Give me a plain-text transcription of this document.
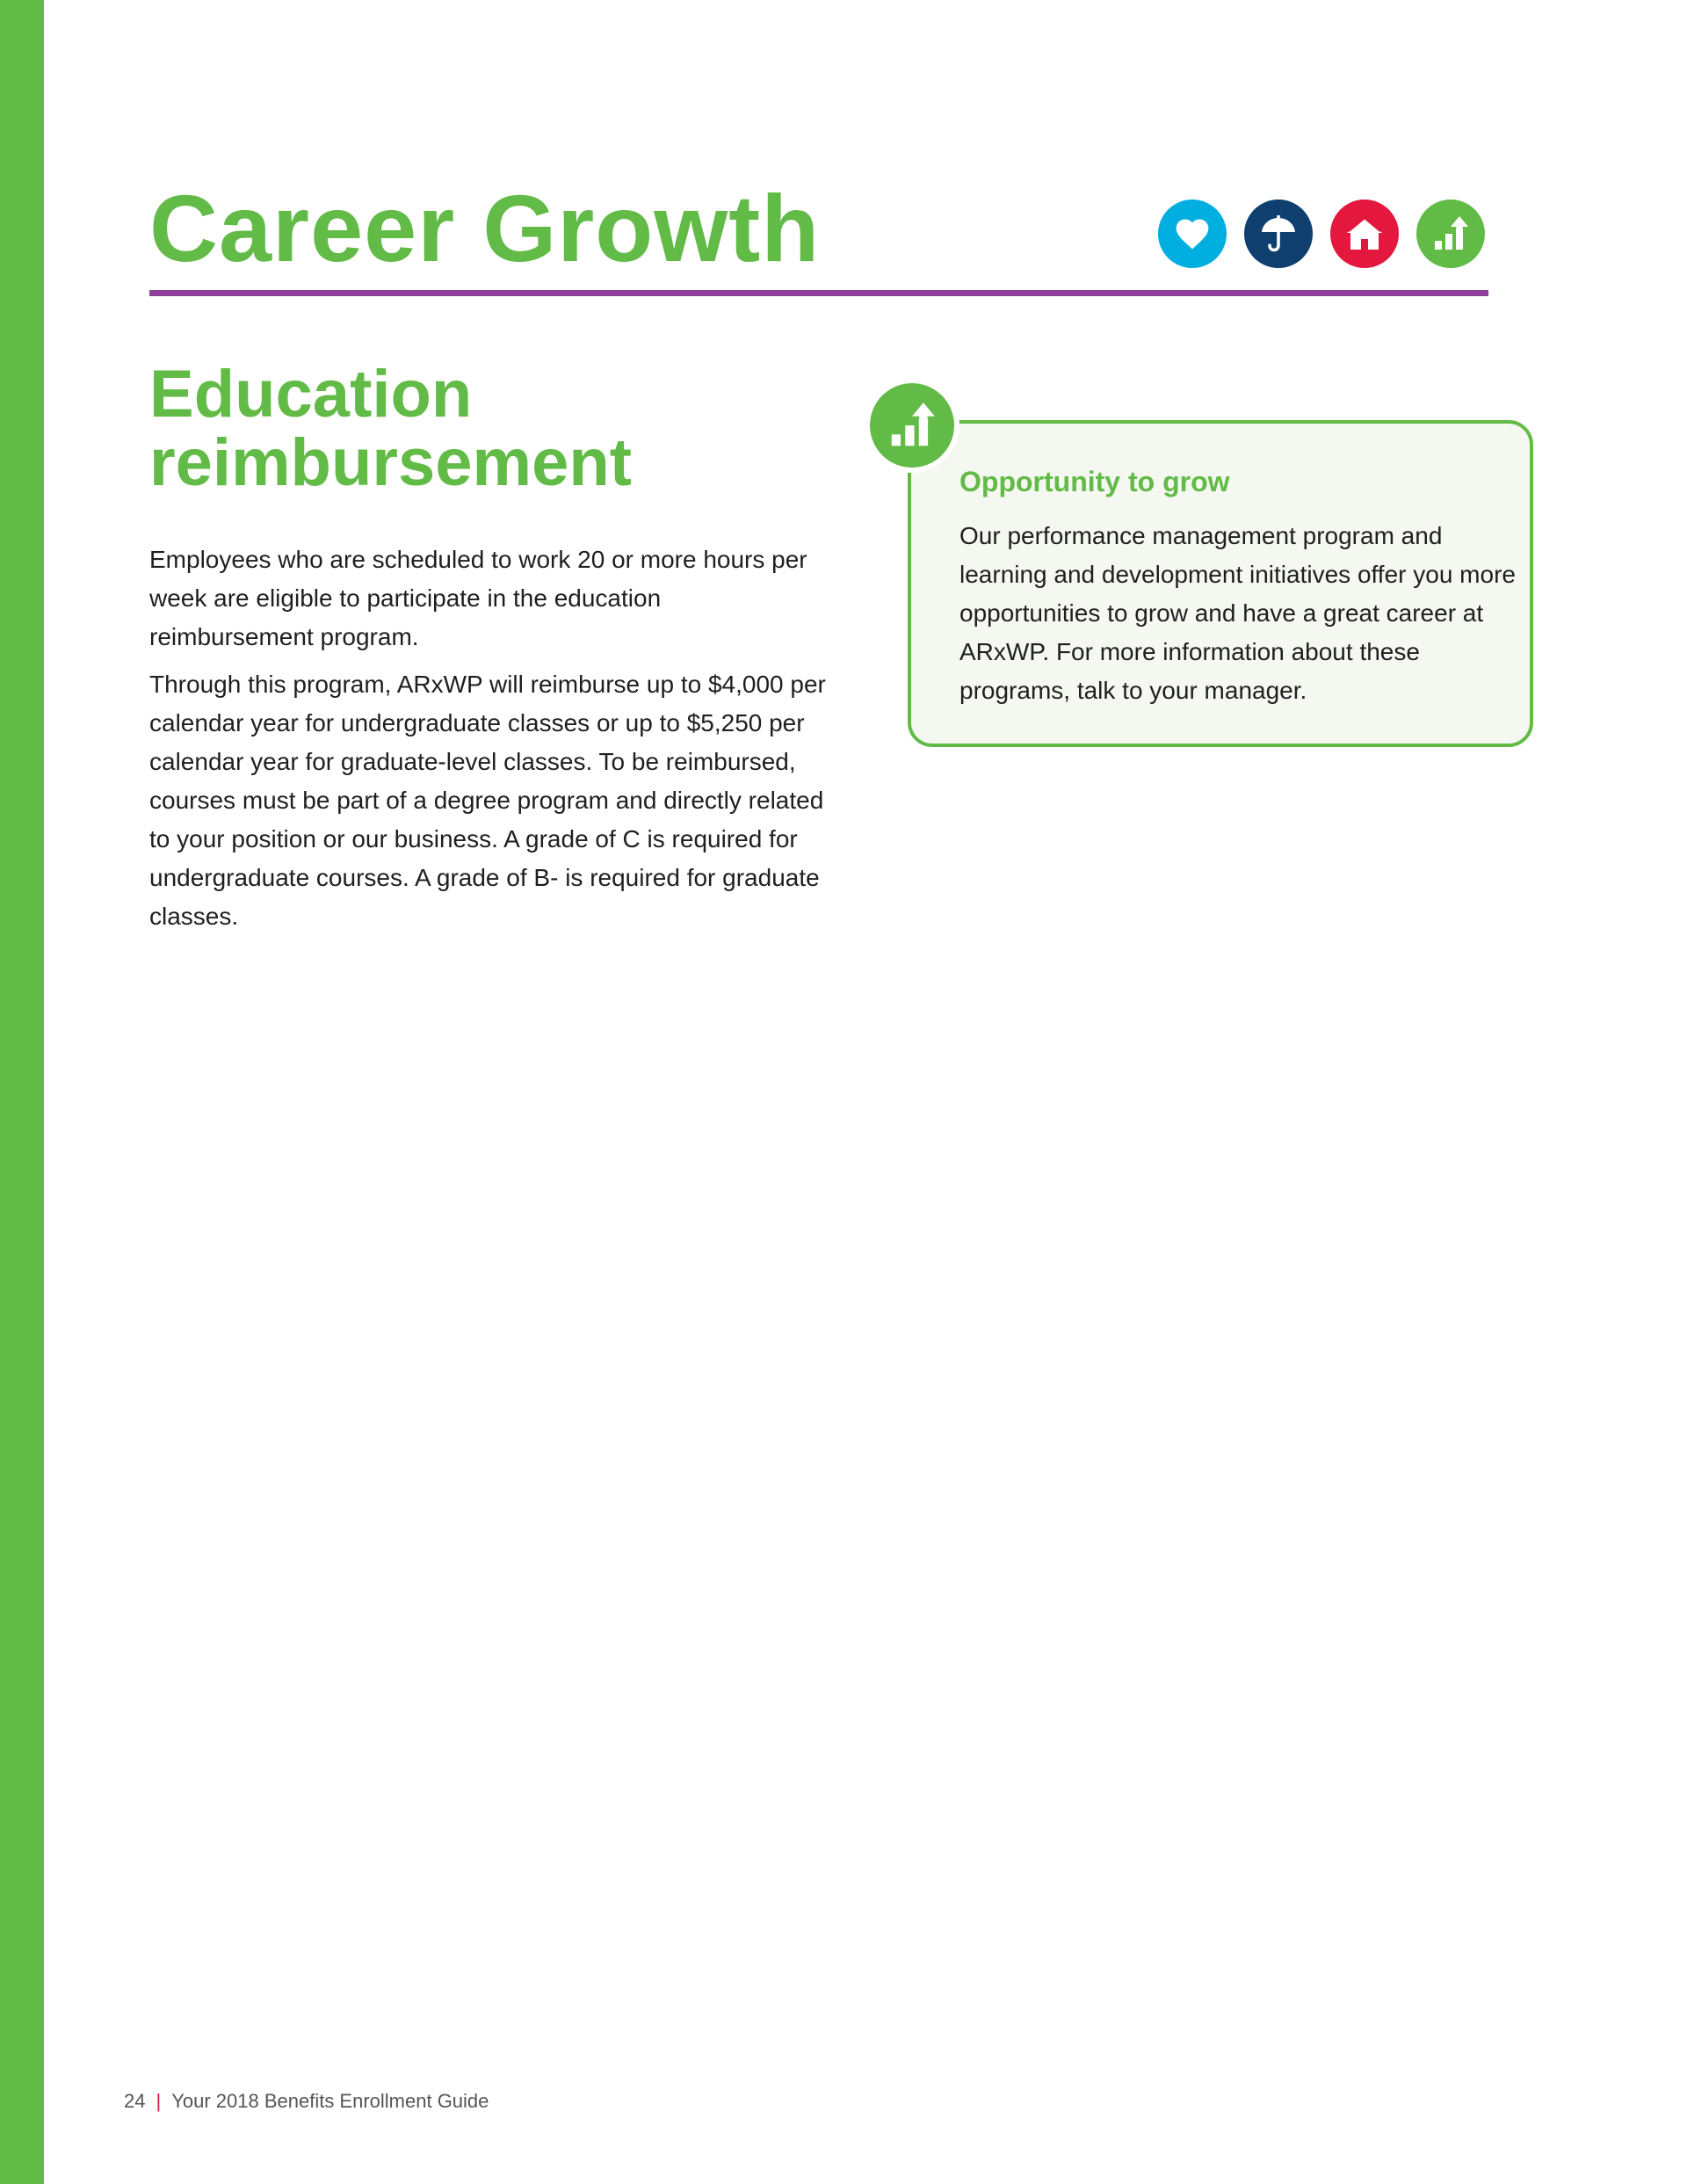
Career Growth
Education reimbursement

Employees who are scheduled to work 20 or more hours per week are eligible to participate in the education reimbursement program.

Through this program, ARxWP will reimburse up to $4,000 per calendar year for undergraduate classes or up to $5,250 per calendar year for graduate-level classes. To be reimbursed, courses must be part of a degree program and directly related to your position or our business. A grade of C is required for undergraduate courses. A grade of B- is required for graduate classes.

Opportunity to grow

Our performance management program and learning and development initiatives offer you more opportunities to grow and have a great career at ARxWP. For more information about these programs, talk to your manager.

24 | Your 2018 Benefits Enrollment Guide
